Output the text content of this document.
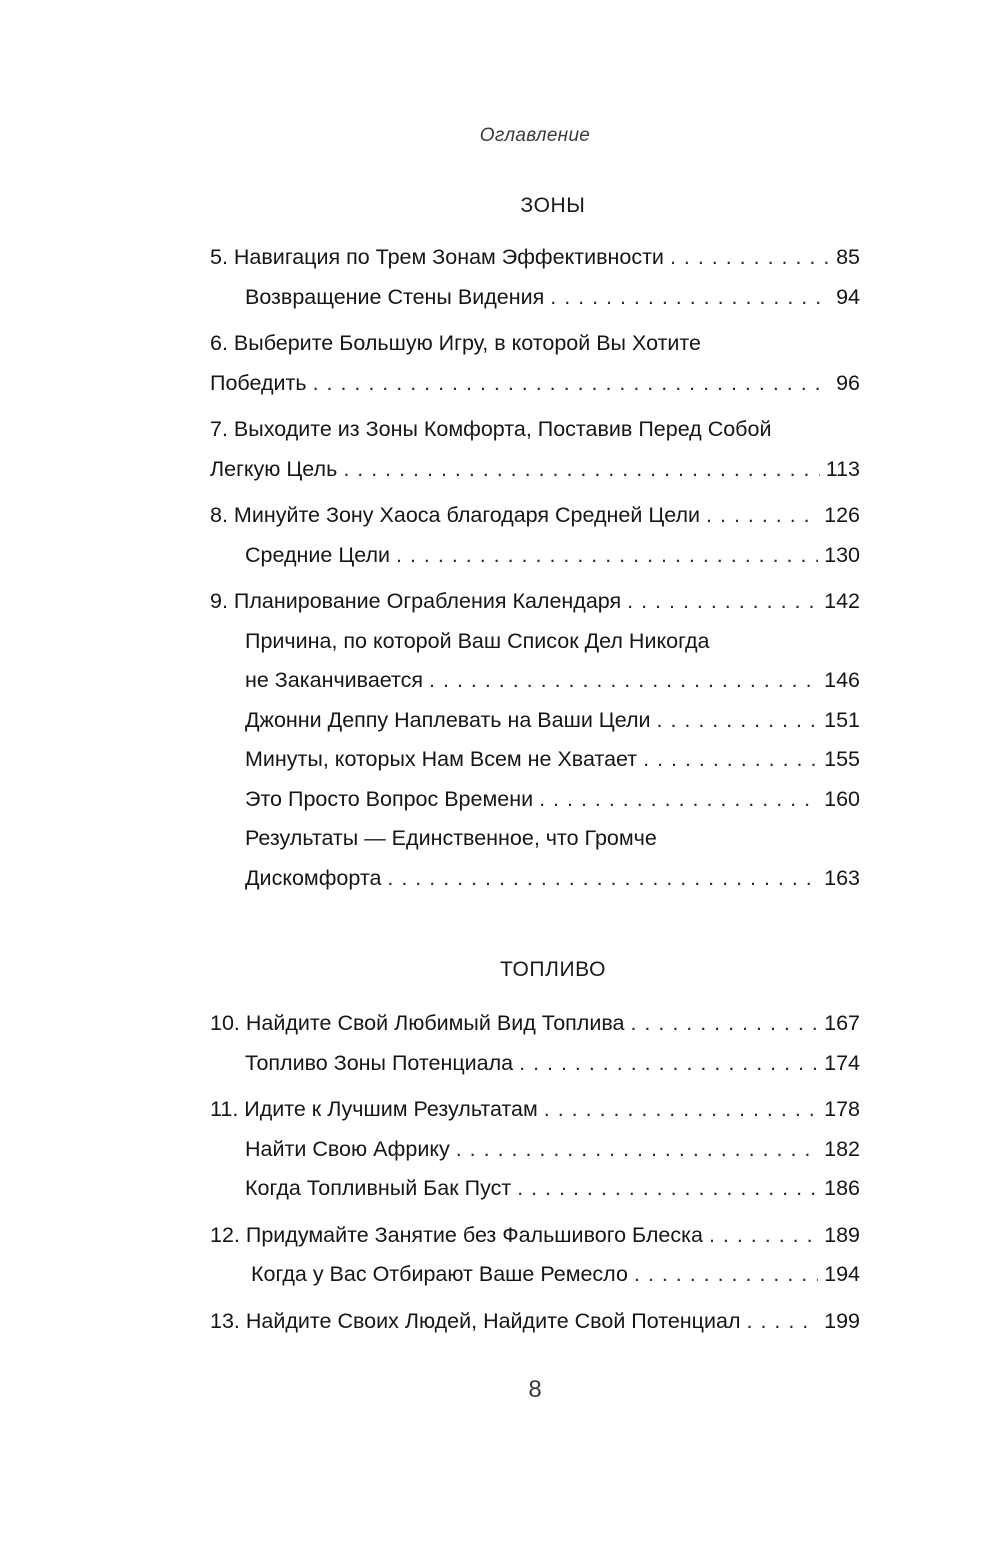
Оглавление
ЗОНЫ
5. Навигация по Трем Зонам Эффективности . . .	85
Возвращение Стены Видения . . .	94
6. Выберите Большую Игру, в которой Вы Хотите
Победить . . .	96
7. Выходите из Зоны Комфорта, Поставив Перед Собой
Легкую Цель . . .	113
8. Минуйте Зону Хаоса благодаря Средней Цели . . .	126
Средние Цели . . .	130
9. Планирование Ограбления Календаря . . .	142
Причина, по которой Ваш Список Дел Никогда
не Заканчивается . . .	146
Джонни Деппу Наплевать на Ваши Цели . . .	151
Минуты, которых Нам Всем не Хватает . . .	155
Это Просто Вопрос Времени . . .	160
Результаты — Единственное, что Громче
Дискомфорта . . .	163
ТОПЛИВО
10. Найдите Свой Любимый Вид Топлива . . .	167
Топливо Зоны Потенциала . . .	174
11. Идите к Лучшим Результатам . . .	178
Найти Свою Африку . . .	182
Когда Топливный Бак Пуст . . .	186
12. Придумайте Занятие без Фальшивого Блеска . . .	189
Когда у Вас Отбирают Ваше Ремесло . . .	194
13. Найдите Своих Людей, Найдите Свой Потенциал . . .	199
8
